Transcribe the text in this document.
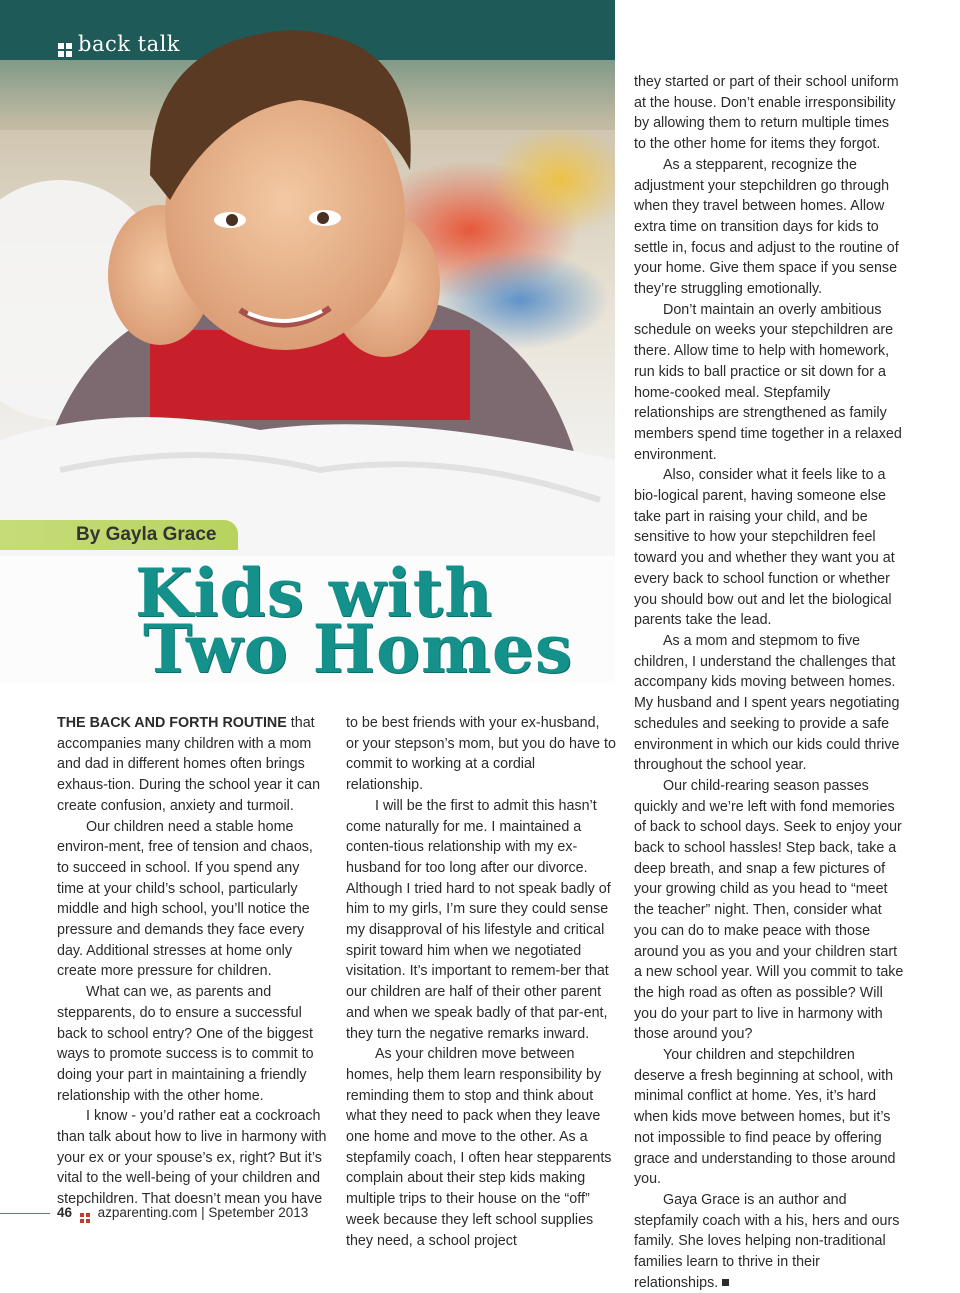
back talk
By Gayla Grace
Kids with
Two Homes

THE BACK AND FORTH ROUTINE that accompanies many children with a mom and dad in different homes often brings exhaus-tion. During the school year it can create confusion, anxiety and turmoil.

Our children need a stable home environ-ment, free of tension and chaos, to succeed in school. If you spend any time at your child’s school, particularly middle and high school, you’ll notice the pressure and demands they face every day. Additional stresses at home only create more pressure for children.

What can we, as parents and stepparents, do to ensure a successful back to school entry? One of the biggest ways to promote success is to commit to doing your part in maintaining a friendly relationship with the other home.

I know - you’d rather eat a cockroach than talk about how to live in harmony with your ex or your spouse’s ex, right? But it’s vital to the well-being of your children and stepchildren. That doesn’t mean you have

to be best friends with your ex-husband, or your stepson’s mom, but you do have to commit to working at a cordial relationship.

I will be the first to admit this hasn’t come naturally for me. I maintained a conten-tious relationship with my ex-husband for too long after our divorce. Although I tried hard to not speak badly of him to my girls, I’m sure they could sense my disapproval of his lifestyle and critical spirit toward him when we negotiated visitation. It’s important to remem-ber that our children are half of their other parent and when we speak badly of that par-ent, they turn the negative remarks inward.

As your children move between homes, help them learn responsibility by reminding them to stop and think about what they need to pack when they leave one home and move to the other. As a stepfamily coach, I often hear stepparents complain about their step kids making multiple trips to their house on the “off” week because they left school supplies they need, a school project

they started or part of their school uniform at the house. Don’t enable irresponsibility by allowing them to return multiple times to the other home for items they forgot.

As a stepparent, recognize the adjustment your stepchildren go through when they travel between homes. Allow extra time on transition days for kids to settle in, focus and adjust to the routine of your home. Give them space if you sense they’re struggling emotionally.

Don’t maintain an overly ambitious schedule on weeks your stepchildren are there. Allow time to help with homework, run kids to ball practice or sit down for a home-cooked meal. Stepfamily relationships are strengthened as family members spend time together in a relaxed environment.

Also, consider what it feels like to a bio-logical parent, having someone else take part in raising your child, and be sensitive to how your stepchildren feel toward you and whether they want you at every back to school function or whether you should bow out and let the biological parents take the lead.

As a mom and stepmom to five children, I understand the challenges that accompany kids moving between homes. My husband and I spent years negotiating schedules and seeking to provide a safe environment in which our kids could thrive throughout the school year.

Our child-rearing season passes quickly and we’re left with fond memories of back to school days. Seek to enjoy your back to school hassles! Step back, take a deep breath, and snap a few pictures of your growing child as you head to “meet the teacher” night. Then, consider what you can do to make peace with those around you as you and your children start a new school year. Will you commit to take the high road as often as possible? Will you do your part to live in harmony with those around you?

Your children and stepchildren deserve a fresh beginning at school, with minimal conflict at home. Yes, it’s hard when kids move between homes, but it’s not impossible to find peace by offering grace and understanding to those around you.

Gaya Grace is an author and stepfamily coach with a his, hers and ours family. She loves helping non-traditional families learn to thrive in their relationships.

46 azparenting.com | Spetember 2013
